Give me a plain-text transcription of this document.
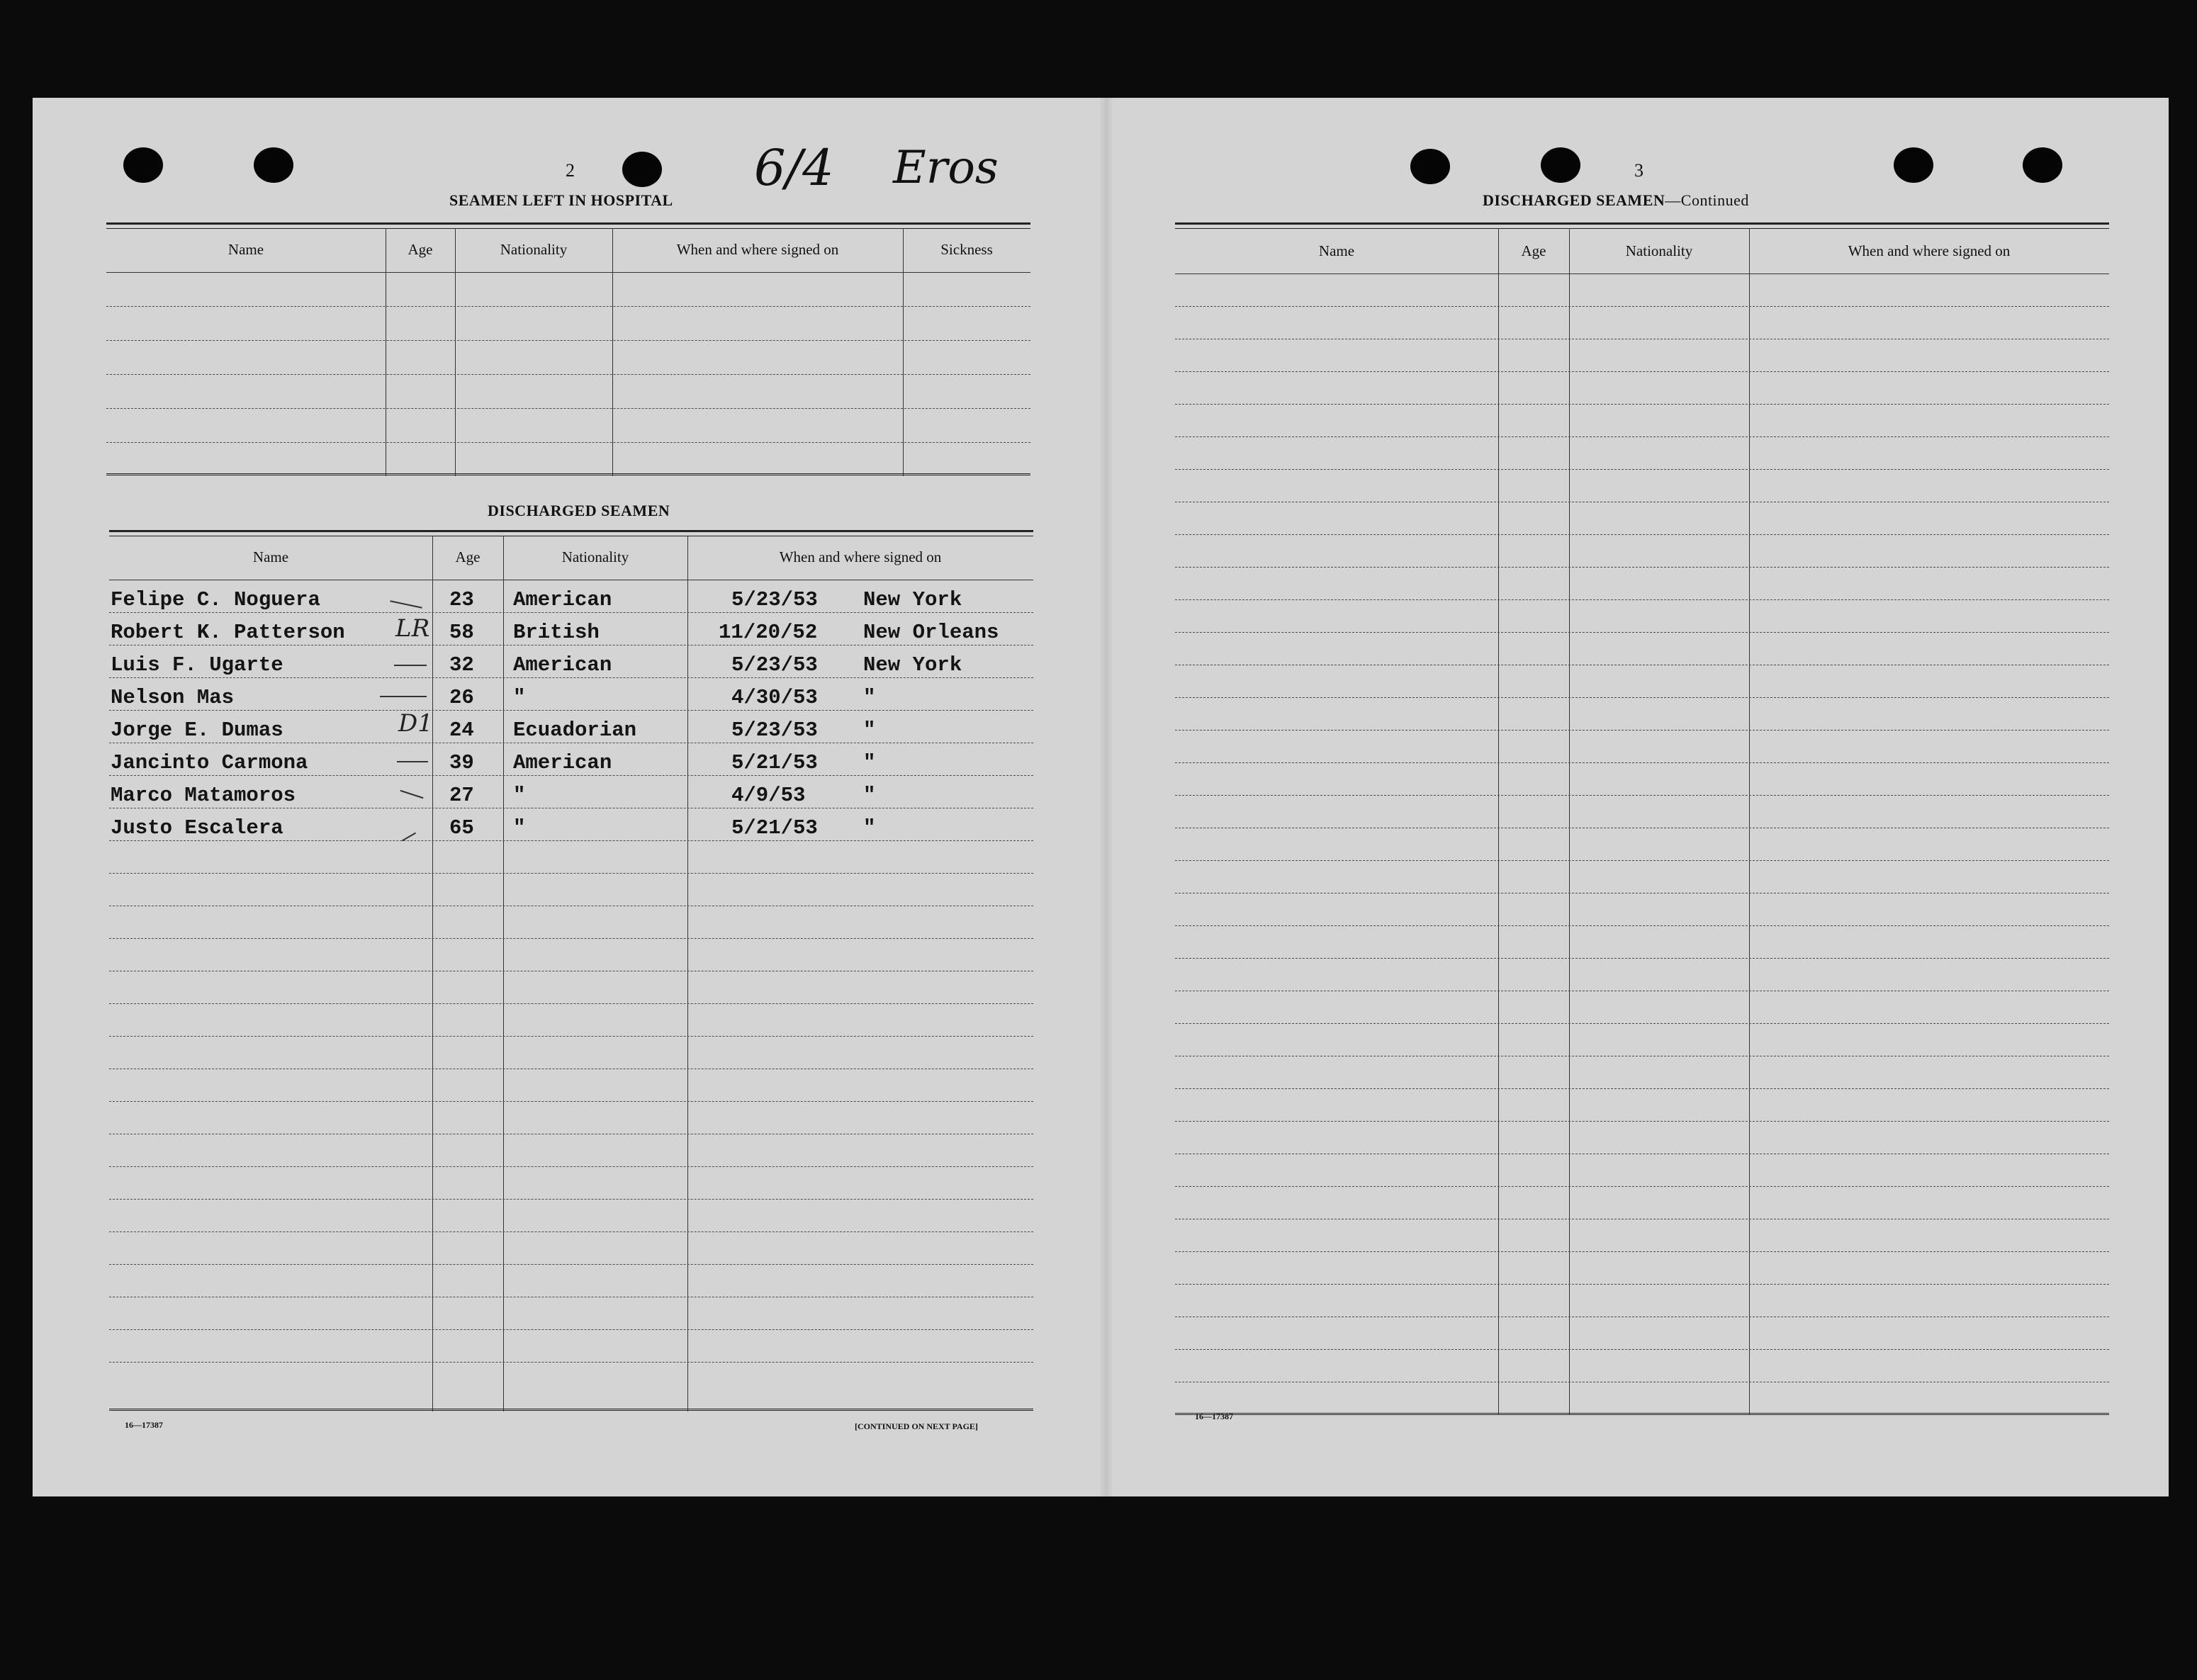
2
SEAMEN LEFT IN HOSPITAL
6/4 Eros
Name	Age	Nationality	When and where signed on	Sickness
DISCHARGED SEAMEN
Name	Age	Nationality	When and where signed on
Felipe C. Noguera	23 American	5/23/53 New York
Robert K. Patterson	58 British	11/20/52 New Orleans
LR
Luis F. Ugarte	32 American	5/23/53 New York
Nelson Mas	26 "	4/30/53 "
Jorge E. Dumas	24 Ecuadorian	5/23/53 "
D1
Jancinto Carmona	39 American	5/21/53 "
Marco Matamoros	27 "	4/9/53	"
Justo Escalera	65 "	5/21/53 "
16—17387	[CONTINUED ON NEXT PAGE]
3
DISCHARGED SEAMEN—Continued
Name	Age	Nationality	When and where signed on
16—17387
